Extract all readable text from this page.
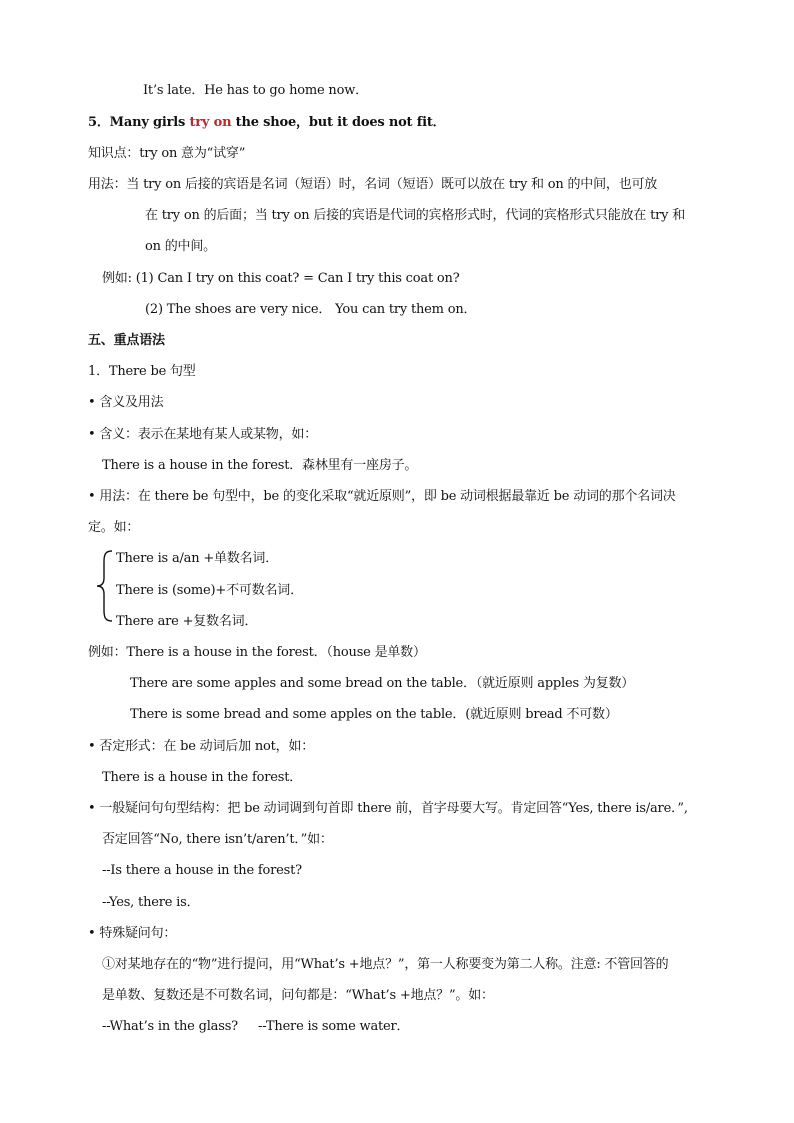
It’s late．He has to go home now．
5．Many girls try on the shoe，but it does not fit．
知识点：try on 意为“试穿”
用法：当 try on 后接的宾语是名词（短语）时，名词（短语）既可以放在 try 和 on 的中间，也可放
在 try on 的后面；当 try on 后接的宾语是代词的宾格形式时，代词的宾格形式只能放在 try 和
on 的中间。
例如: (1) Can I try on this coat? = Can I try this coat on?
(2) The shoes are very nice． You can try them on．
五、重点语法
1．There be 句型
• 含义及用法
• 含义：表示在某地有某人或某物，如：
There is a house in the forest．森林里有一座房子。
• 用法：在 there be 句型中，be 的变化采取“就近原则”，即 be 动词根据最靠近 be 动词的那个名词决
定。如：
There is a/an +单数名词．
There is (some)+不可数名词．
There are +复数名词．
例如：There is a house in the forest．（house 是单数）
There are some apples and some bread on the table．（就近原则 apples 为复数）
There is some bread and some apples on the table．(就近原则 bread 不可数）
• 否定形式：在 be 动词后加 not，如：
There is a house in the forest．
• 一般疑问句句型结构：把 be 动词调到句首即 there 前，首字母要大写。肯定回答“Yes, there is/are．”,
否定回答“No, there isn’t/aren’t．”如：
--Is there a house in the forest?
--Yes, there is．
• 特殊疑问句：
①对某地存在的“物”进行提问，用“What’s +地点？”，第一人称要变为第二人称。注意: 不管回答的
是单数、复数还是不可数名词，问句都是：“What’s +地点？”。如：
--What’s in the glass? --There is some water．
